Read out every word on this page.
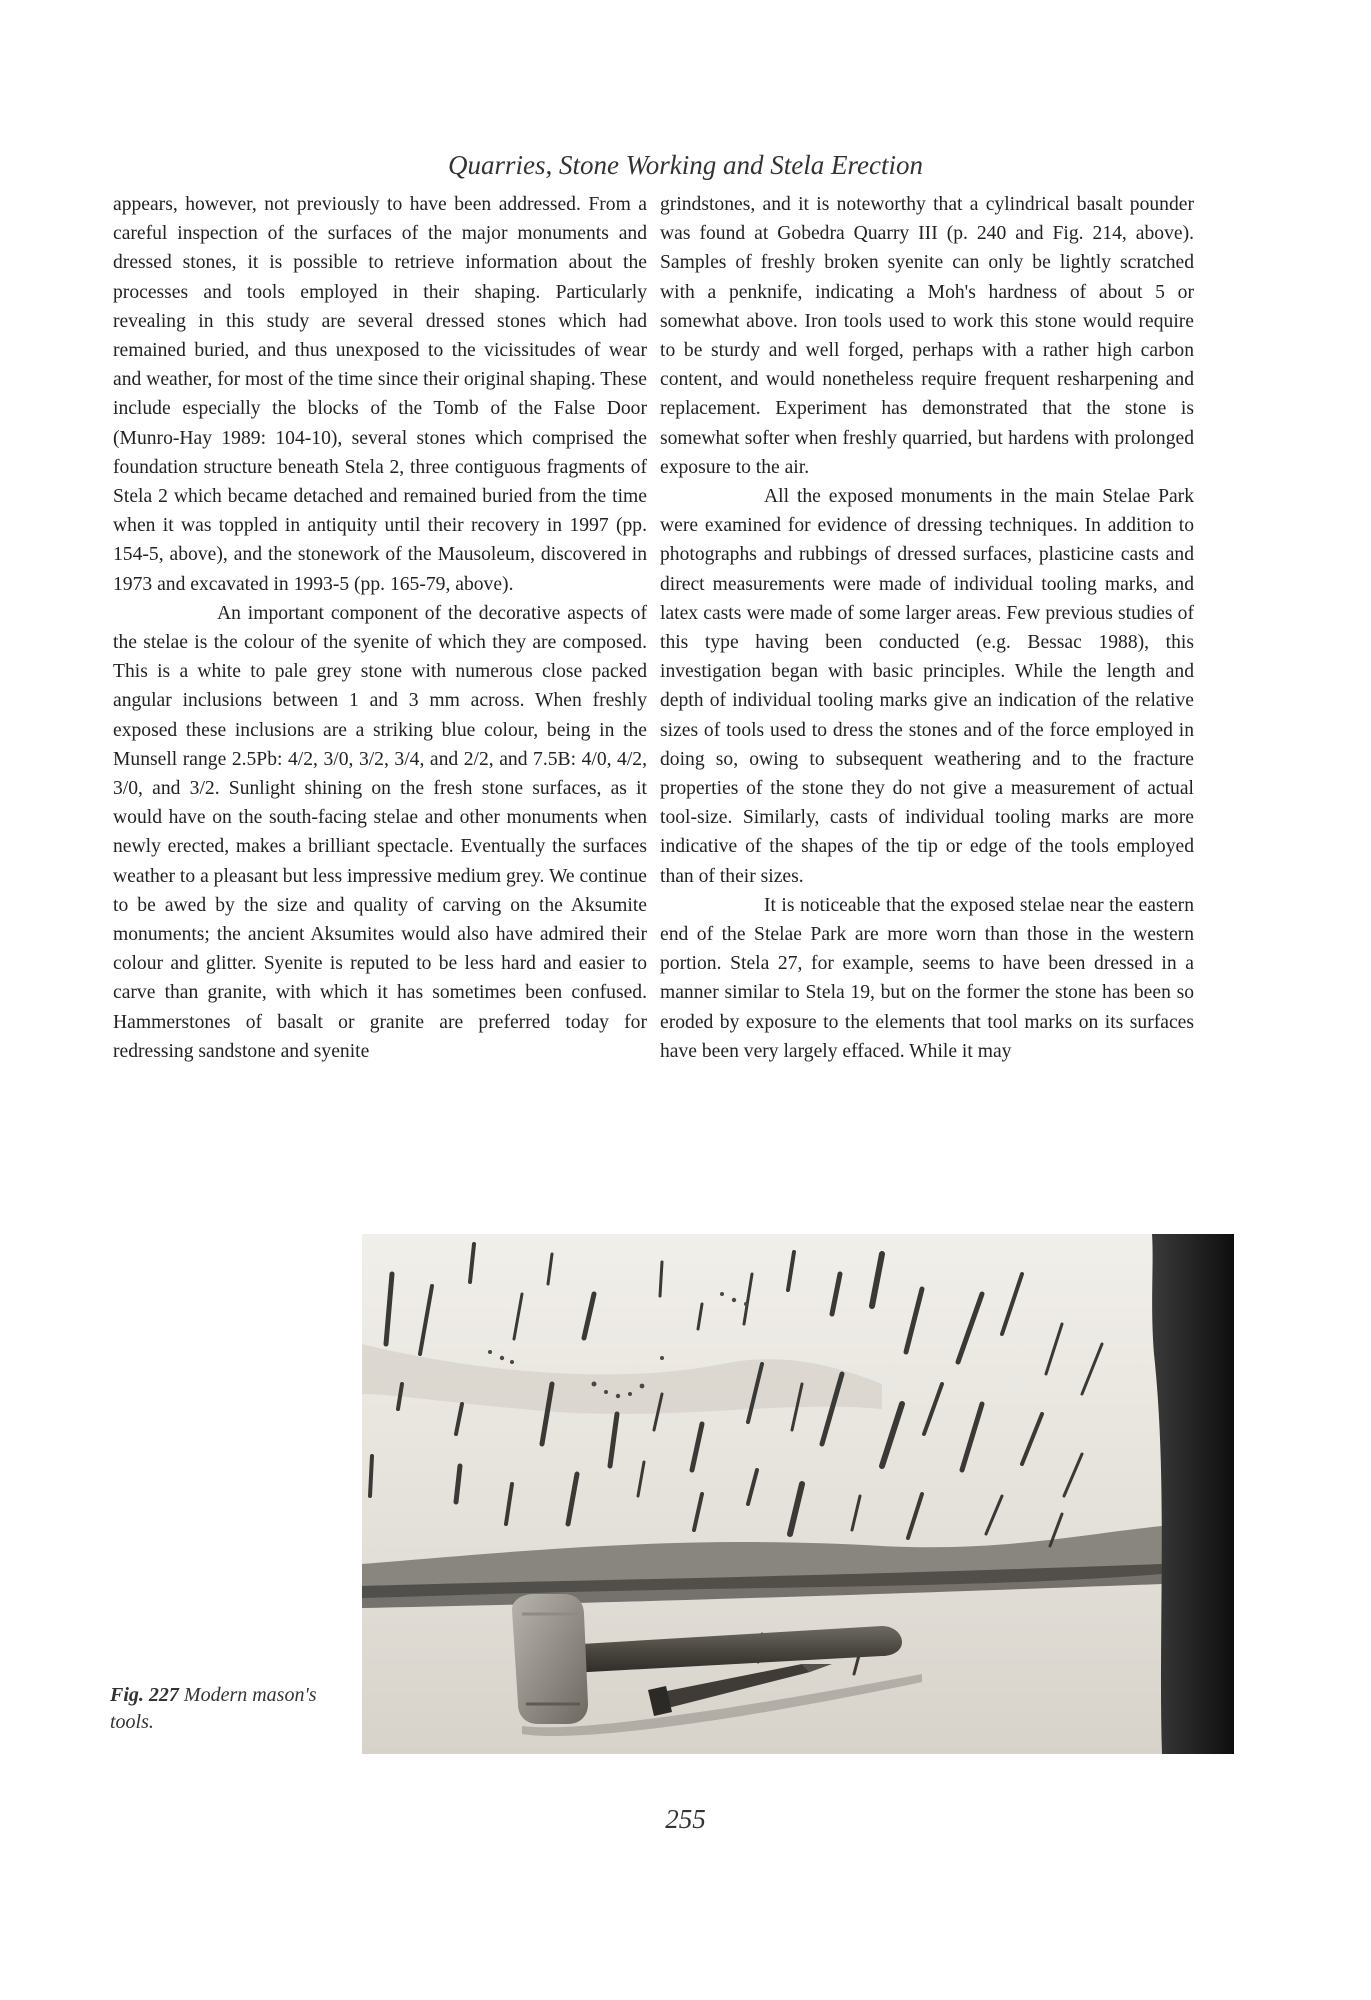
Quarries, Stone Working and Stela Erection

appears, however, not previously to have been addressed. From a careful inspection of the surfaces of the major monuments and dressed stones, it is possible to retrieve information about the processes and tools employed in their shaping. Particularly revealing in this study are several dressed stones which had remained buried, and thus unexposed to the vicissitudes of wear and weather, for most of the time since their original shaping. These include especially the blocks of the Tomb of the False Door (Munro-Hay 1989: 104-10), several stones which comprised the foundation structure beneath Stela 2, three contiguous fragments of Stela 2 which became detached and remained buried from the time when it was toppled in antiquity until their recovery in 1997 (pp. 154-5, above), and the stonework of the Mausoleum, discovered in 1973 and excavated in 1993-5 (pp. 165-79, above).

An important component of the decorative aspects of the stelae is the colour of the syenite of which they are composed. This is a white to pale grey stone with numerous close packed angular inclusions between 1 and 3 mm across. When freshly exposed these inclusions are a striking blue colour, being in the Munsell range 2.5Pb: 4/2, 3/0, 3/2, 3/4, and 2/2, and 7.5B: 4/0, 4/2, 3/0, and 3/2. Sunlight shining on the fresh stone surfaces, as it would have on the south-facing stelae and other monuments when newly erected, makes a brilliant spectacle. Eventually the surfaces weather to a pleasant but less impressive medium grey. We continue to be awed by the size and quality of carving on the Aksumite monuments; the ancient Aksumites would also have admired their colour and glitter. Syenite is reputed to be less hard and easier to carve than granite, with which it has sometimes been confused. Hammerstones of basalt or granite are preferred today for redressing sandstone and syenite

grindstones, and it is noteworthy that a cylindrical basalt pounder was found at Gobedra Quarry III (p. 240 and Fig. 214, above). Samples of freshly broken syenite can only be lightly scratched with a penknife, indicating a Moh's hardness of about 5 or somewhat above. Iron tools used to work this stone would require to be sturdy and well forged, perhaps with a rather high carbon content, and would nonetheless require frequent resharpening and replacement. Experiment has demonstrated that the stone is somewhat softer when freshly quarried, but hardens with prolonged exposure to the air.

All the exposed monuments in the main Stelae Park were examined for evidence of dressing techniques. In addition to photographs and rubbings of dressed surfaces, plasticine casts and direct measurements were made of individual tooling marks, and latex casts were made of some larger areas. Few previous studies of this type having been conducted (e.g. Bessac 1988), this investigation began with basic principles. While the length and depth of individual tooling marks give an indication of the relative sizes of tools used to dress the stones and of the force employed in doing so, owing to subsequent weathering and to the fracture properties of the stone they do not give a measurement of actual tool-size. Similarly, casts of individual tooling marks are more indicative of the shapes of the tip or edge of the tools employed than of their sizes.

It is noticeable that the exposed stelae near the eastern end of the Stelae Park are more worn than those in the western portion. Stela 27, for example, seems to have been dressed in a manner similar to Stela 19, but on the former the stone has been so eroded by exposure to the elements that tool marks on its surfaces have been very largely effaced. While it may

Fig. 227 Modern mason's tools.
255
